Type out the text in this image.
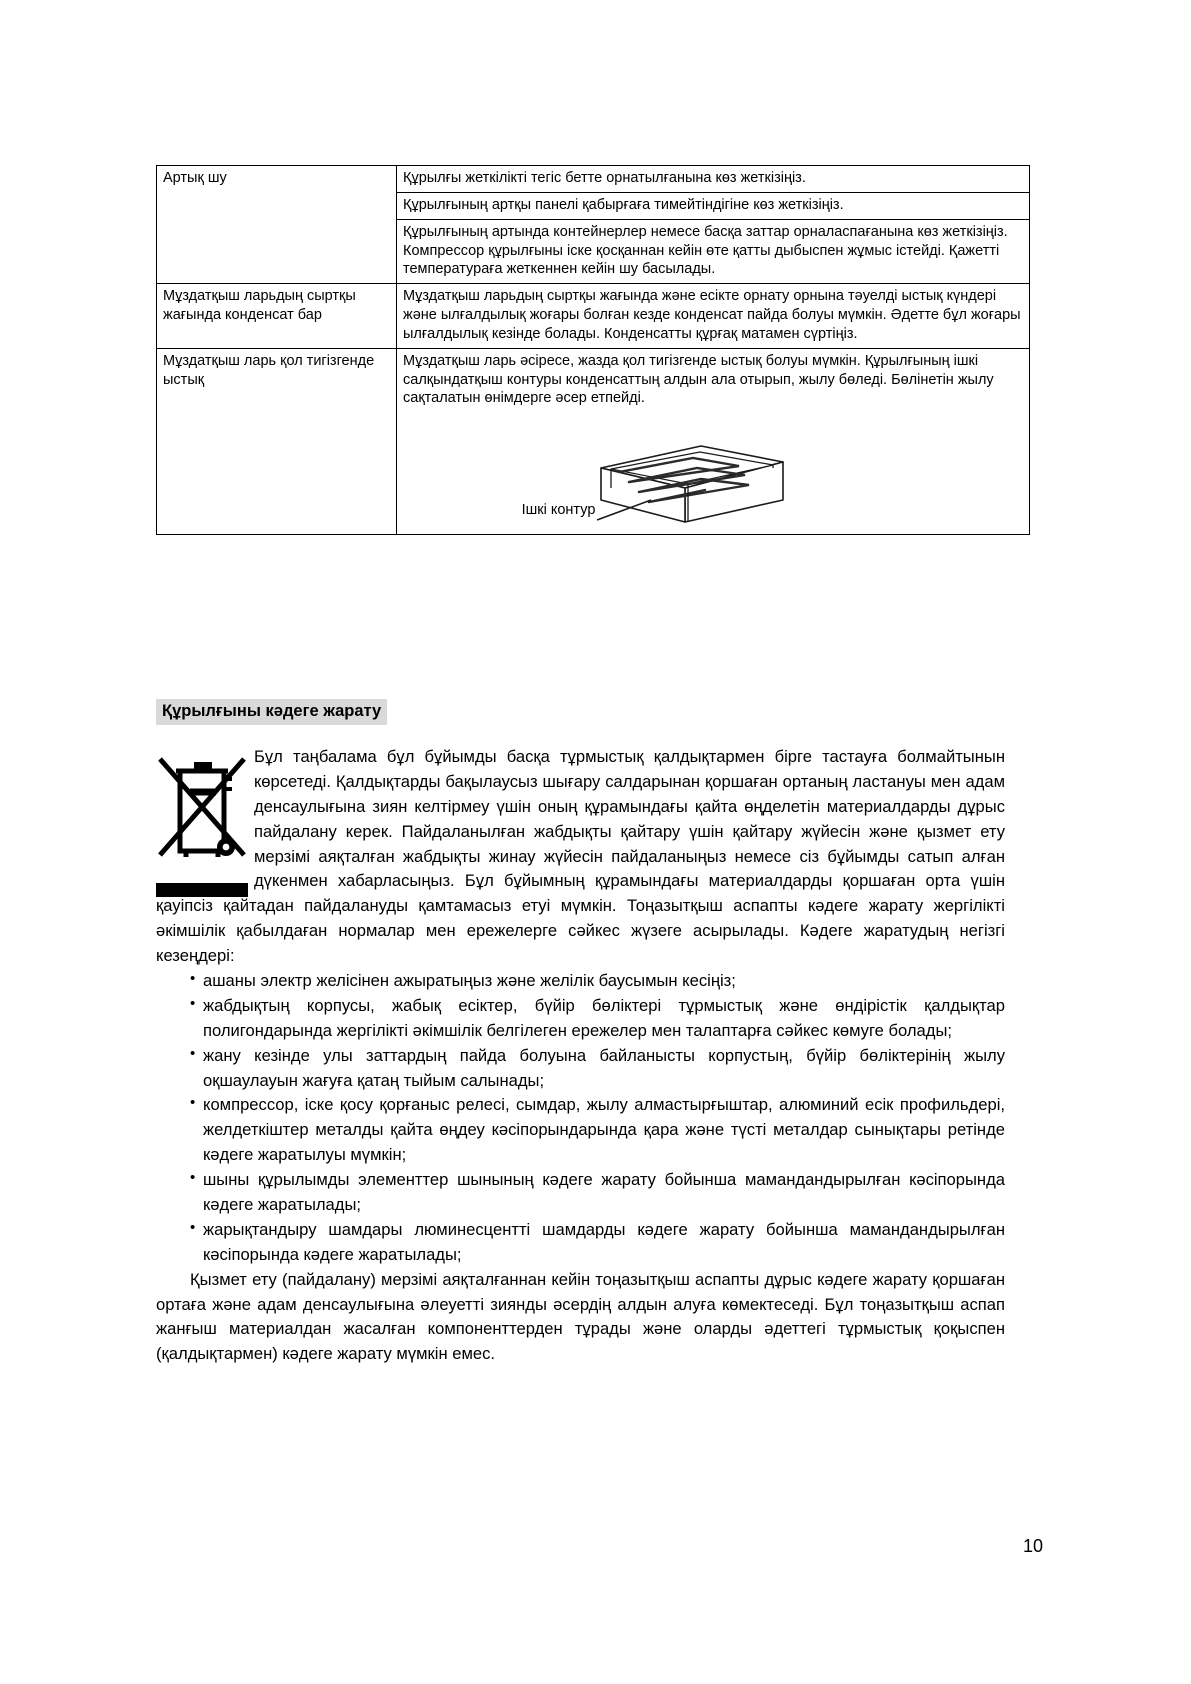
Артық шу	Құрылғы жеткілікті тегіс бетте орнатылғанына көз жеткізіңіз.

	Құрылғының артқы панелі қабырғаға тимейтіндігіне көз жеткізіңіз.

	Құрылғының артында контейнерлер немесе басқа заттар орналаспағанына көз жеткізіңіз.

Компрессор құрылғыны іске қосқаннан кейін өте қатты дыбыспен жұмыс істейді. Қажетті температураға жеткеннен кейін шу басылады.

Мұздатқыш ларьдың сыртқы жағында конденсат бар	Мұздатқыш ларьдың сыртқы жағында және есікте орнату орнына тәуелді ыстық күндері және ылғалдылық жоғары болған кезде конденсат пайда болуы мүмкін. Әдетте бұл жоғары ылғалдылық кезінде болады. Конденсатты құрғақ матамен сүртіңіз.

Мұздатқыш ларь қол тигізгенде ыстық	Мұздатқыш ларь әсіресе, жазда қол тигізгенде ыстық болуы мүмкін. Құрылғының ішкі салқындатқыш контуры конденсаттың алдын ала отырып, жылу бөледі. Бөлінетін жылу сақталатын өнімдерге әсер етпейді.

Ішкі контур
Құрылғыны кәдеге жарату

Бұл таңбалама бұл бұйымды басқа тұрмыстық қалдықтармен бірге тастауға болмайтынын көрсетеді. Қалдықтарды бақылаусыз шығару салдарынан қоршаған ортаның ластануы мен адам денсаулығына зиян келтірмеу үшін оның құрамындағы қайта өңделетін материалдарды дұрыс пайдалану керек. Пайдаланылған жабдықты қайтару үшін қайтару жүйесін және қызмет ету мерзімі аяқталған жабдықты жинау жүйесін пайдаланыңыз немесе сіз бұйымды сатып алған дүкенмен хабарласыңыз. Бұл бұйымның құрамындағы материалдарды қоршаған орта үшін қауіпсіз қайтадан пайдалануды қамтамасыз етуі мүмкін. Тоңазытқыш аспапты кәдеге жарату жергілікті әкімшілік қабылдаған нормалар мен ережелерге сәйкес жүзеге асырылады. Кәдеге жаратудың негізгі кезеңдері:

• ашаны электр желісінен ажыратыңыз және желілік баусымын кесіңіз;
• жабдықтың корпусы, жабық есіктер, бүйір бөліктері тұрмыстық және өндірістік қалдықтар полигондарында жергілікті әкімшілік белгілеген ережелер мен талаптарға сәйкес көмуге болады;
• жану кезінде улы заттардың пайда болуына байланысты корпустың, бүйір бөліктерінің жылу оқшаулауын жағуға қатаң тыйым салынады;
• компрессор, іске қосу қорғаныс релесі, сымдар, жылу алмастырғыштар, алюминий есік профильдері, желдеткіштер металды қайта өңдеу кәсіпорындарында қара және түсті металдар сынықтары ретінде кәдеге жаратылуы мүмкін;
• шыны құрылымды элементтер шынының кәдеге жарату бойынша мамандандырылған кәсіпорында кәдеге жаратылады;
• жарықтандыру шамдары люминесцентті шамдарды кәдеге жарату бойынша мамандандырылған кәсіпорында кәдеге жаратылады;

Қызмет ету (пайдалану) мерзімі аяқталғаннан кейін тоңазытқыш аспапты дұрыс кәдеге жарату қоршаған ортаға және адам денсаулығына әлеуетті зиянды әсердің алдын алуға көмектеседі. Бұл тоңазытқыш аспап жанғыш материалдан жасалған компоненттерден тұрады және оларды әдеттегі тұрмыстық қоқыспен (қалдықтармен) кәдеге жарату мүмкін емес.

10
